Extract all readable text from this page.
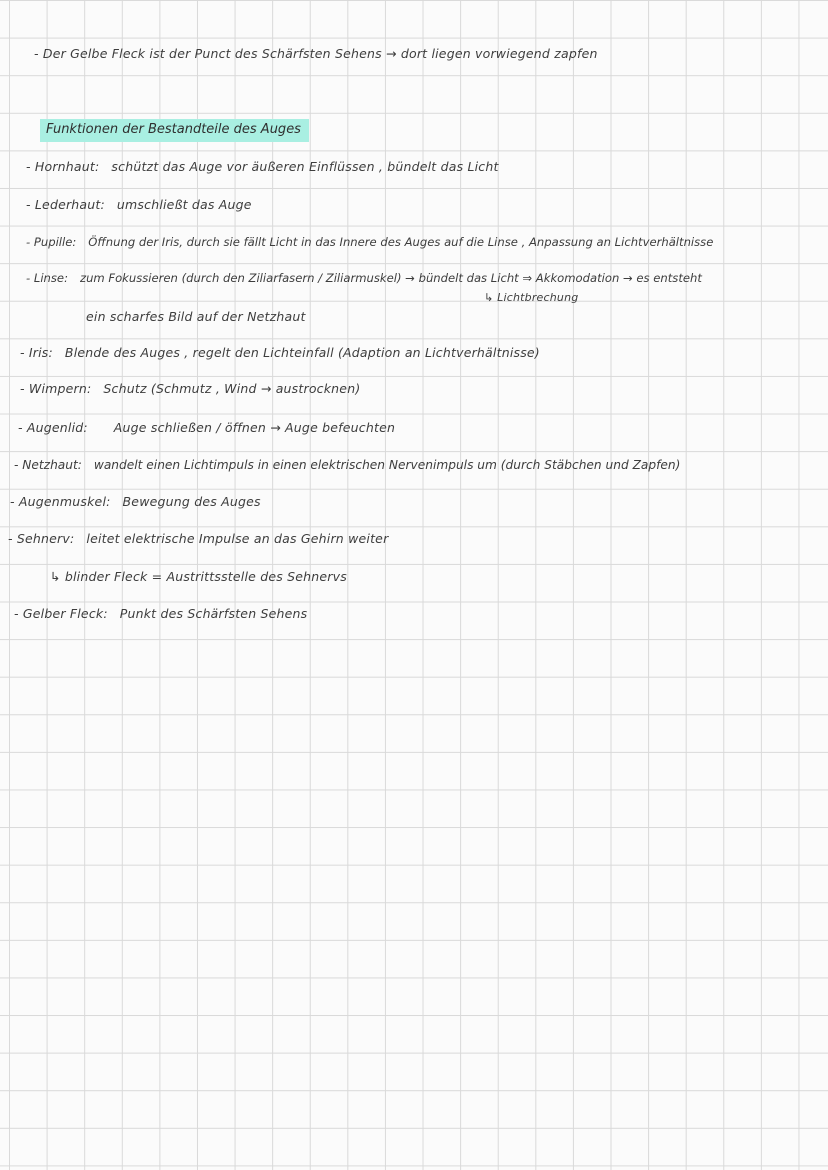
- Der Gelbe Fleck ist der Punct des Schärfsten Sehens → dort liegen vorwiegend zapfen
Funktionen der Bestandteile des Auges
- Hornhaut: schützt das Auge vor äußeren Einflüssen , bündelt das Licht
- Lederhaut: umschließt das Auge
- Pupille: Öffnung der Iris, durch sie fällt Licht in das Innere des Auges auf die Linse , Anpassung an Lichtverhältnisse
- Linse: zum Fokussieren (durch den Ziliarfasern / Ziliarmuskel) → bündelt das Licht ⇒ Akkomodation → es entsteht
↳ Lichtbrechung
ein scharfes Bild auf der Netzhaut
- Iris: Blende des Auges , regelt den Lichteinfall (Adaption an Lichtverhältnisse)
- Wimpern: Schutz (Schmutz , Wind → austrocknen)
- Augenlid: Auge schließen / öffnen → Auge befeuchten
- Netzhaut: wandelt einen Lichtimpuls in einen elektrischen Nervenimpuls um (durch Stäbchen und Zapfen)
- Augenmuskel: Bewegung des Auges
- Sehnerv: leitet elektrische Impulse an das Gehirn weiter
↳ blinder Fleck = Austrittsstelle des Sehnervs
- Gelber Fleck: Punkt des Schärfsten Sehens
